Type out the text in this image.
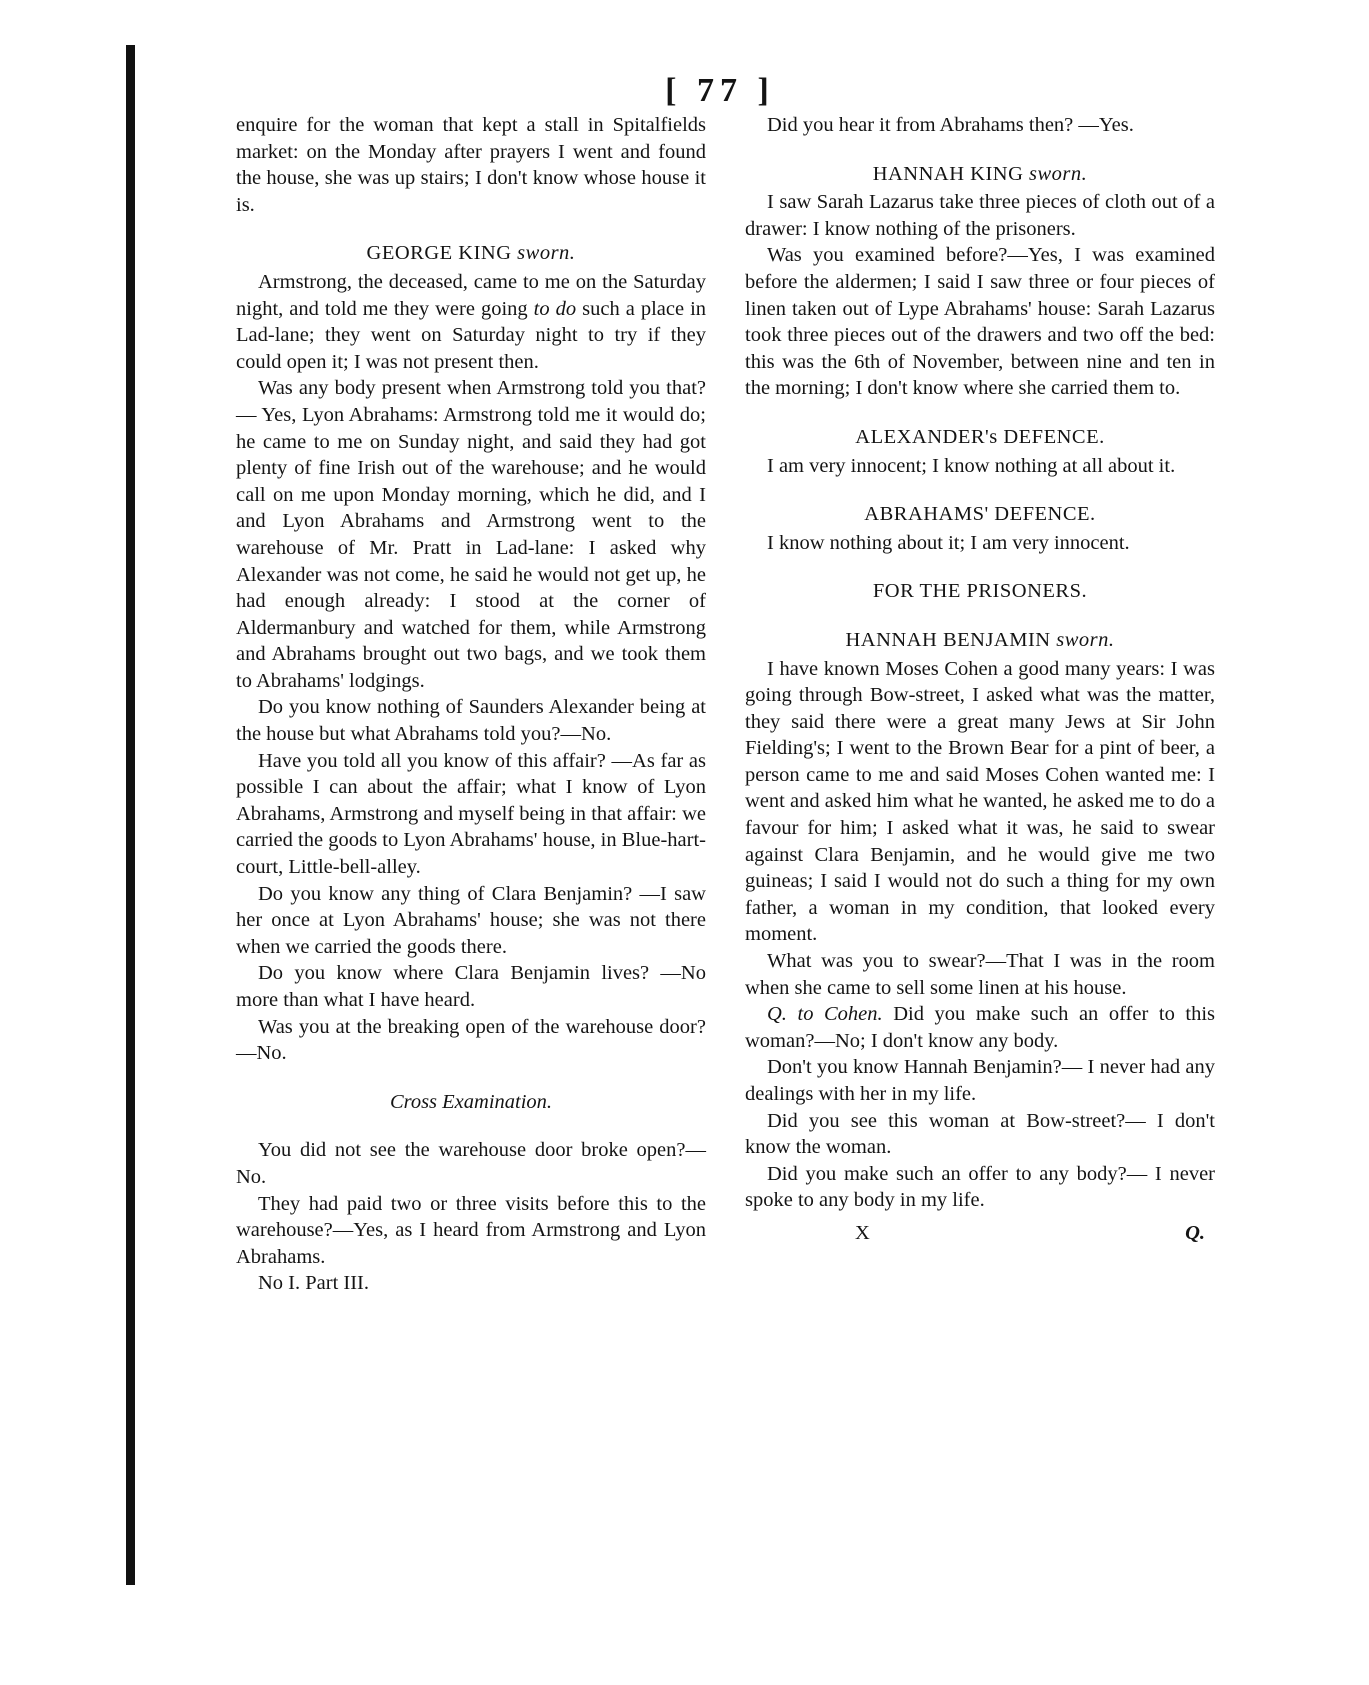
[ 77 ]

enquire for the woman that kept a stall in Spitalfields market: on the Monday after prayers I went and found the house, she was up stairs; I don't know whose house it is.

GEORGE KING sworn.

Armstrong, the deceased, came to me on the Saturday night, and told me they were going to do such a place in Lad-lane; they went on Saturday night to try if they could open it; I was not present then.

Was any body present when Armstrong told you that? — Yes, Lyon Abrahams: Armstrong told me it would do; he came to me on Sunday night, and said they had got plenty of fine Irish out of the warehouse; and he would call on me upon Monday morning, which he did, and I and Lyon Abrahams and Armstrong went to the warehouse of Mr. Pratt in Lad-lane: I asked why Alexander was not come, he said he would not get up, he had enough already: I stood at the corner of Aldermanbury and watched for them, while Armstrong and Abrahams brought out two bags, and we took them to Abrahams' lodgings.

Do you know nothing of Saunders Alexander being at the house but what Abrahams told you?—No.

Have you told all you know of this affair? —As far as possible I can about the affair; what I know of Lyon Abrahams, Armstrong and myself being in that affair: we carried the goods to Lyon Abrahams' house, in Blue-hart-court, Little-bell-alley.

Do you know any thing of Clara Benjamin? —I saw her once at Lyon Abrahams' house; she was not there when we carried the goods there.

Do you know where Clara Benjamin lives? —No more than what I have heard.

Was you at the breaking open of the warehouse door?—No.

Cross Examination.

You did not see the warehouse door broke open?—No.

They had paid two or three visits before this to the warehouse?—Yes, as I heard from Armstrong and Lyon Abrahams.

No I. Part III.

Did you hear it from Abrahams then? —Yes.

HANNAH KING sworn.

I saw Sarah Lazarus take three pieces of cloth out of a drawer: I know nothing of the prisoners.

Was you examined before?—Yes, I was examined before the aldermen; I said I saw three or four pieces of linen taken out of Lype Abrahams' house: Sarah Lazarus took three pieces out of the drawers and two off the bed: this was the 6th of November, between nine and ten in the morning; I don't know where she carried them to.

ALEXANDER's DEFENCE.

I am very innocent; I know nothing at all about it.

ABRAHAMS' DEFENCE.

I know nothing about it; I am very innocent.

FOR THE PRISONERS.
HANNAH BENJAMIN sworn.

I have known Moses Cohen a good many years: I was going through Bow-street, I asked what was the matter, they said there were a great many Jews at Sir John Fielding's; I went to the Brown Bear for a pint of beer, a person came to me and said Moses Cohen wanted me: I went and asked him what he wanted, he asked me to do a favour for him; I asked what it was, he said to swear against Clara Benjamin, and he would give me two guineas; I said I would not do such a thing for my own father, a woman in my condition, that looked every moment.

What was you to swear?—That I was in the room when she came to sell some linen at his house.

Q. to Cohen. Did you make such an offer to this woman?—No; I don't know any body.

Don't you know Hannah Benjamin?— I never had any dealings with her in my life.

Did you see this woman at Bow-street?— I don't know the woman.

Did you make such an offer to any body?— I never spoke to any body in my life.

X	Q.
